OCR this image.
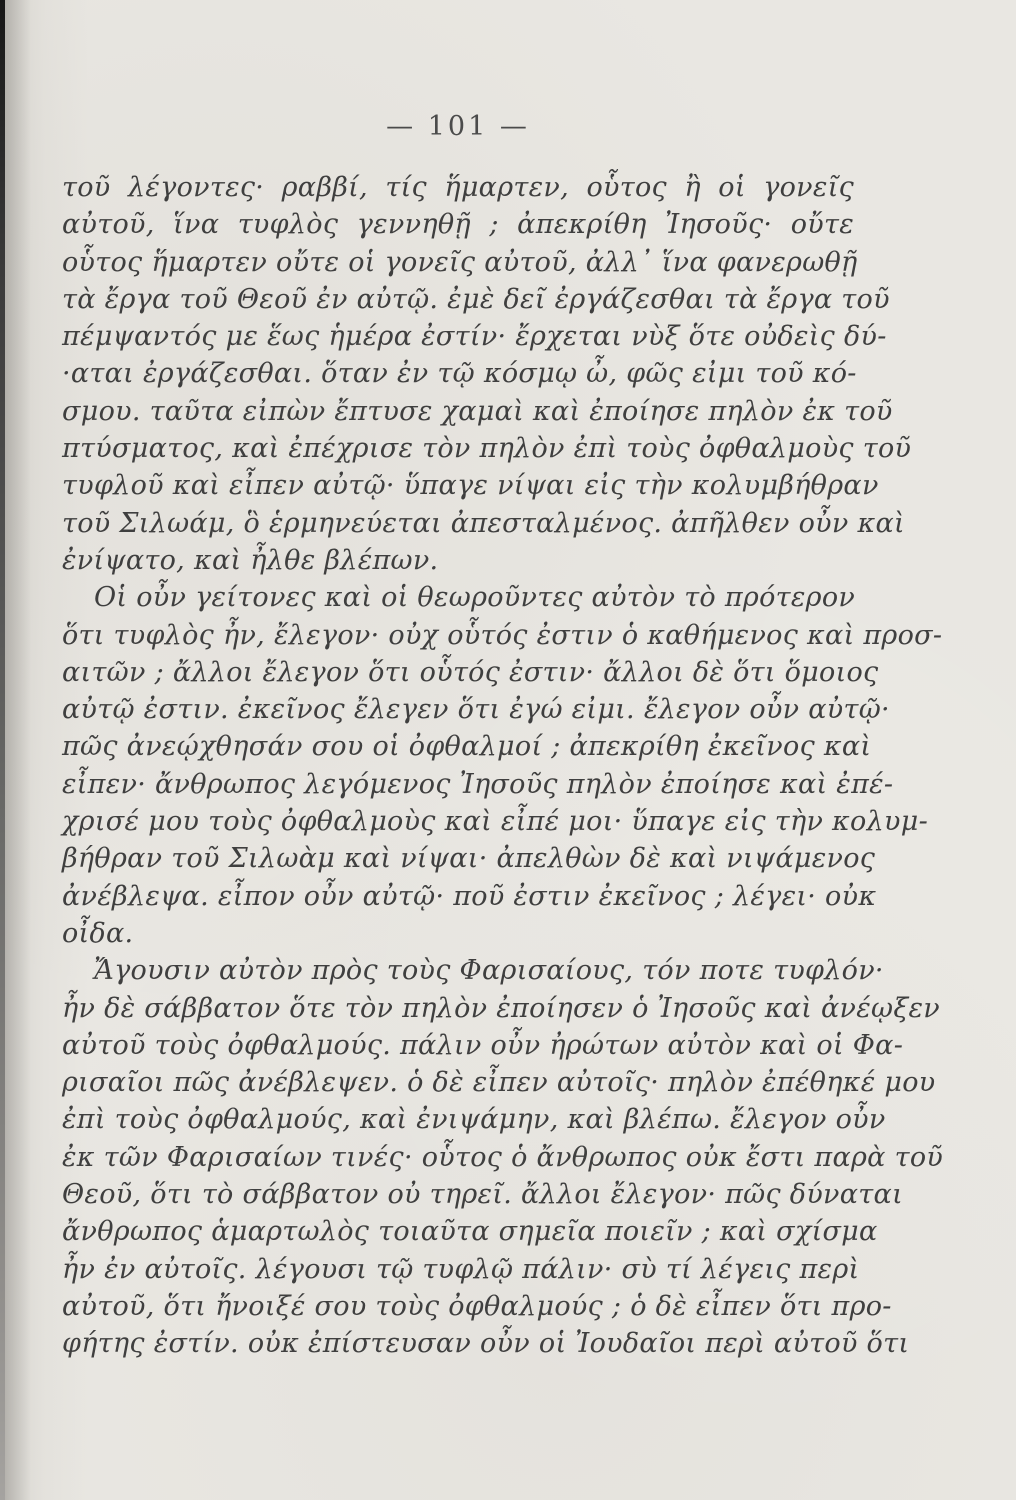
— 101 —
τοῦ λέγοντες· ραββί, τίς ἥμαρτεν, οὗτος ἢ οἱ γονεῖς
αὐτοῦ, ἵνα τυφλὸς γεννηθῇ ; ἀπεκρίθη Ἰησοῦς· οὔτε
οὗτος ἥμαρτεν οὔτε οἱ γονεῖς αὐτοῦ, ἀλλ᾽ ἵνα φανερωθῇ
τὰ ἔργα τοῦ Θεοῦ ἐν αὐτῷ. ἐμὲ δεῖ ἐργάζεσθαι τὰ ἔργα τοῦ
πέμψαντός με ἕως ἡμέρα ἐστίν· ἔρχεται νὺξ ὅτε οὐδεὶς δύ-
·αται ἐργάζεσθαι. ὅταν ἐν τῷ κόσμῳ ὦ, φῶς εἰμι τοῦ κό-
σμου. ταῦτα εἰπὼν ἔπτυσε χαμαὶ καὶ ἐποίησε πηλὸν ἐκ τοῦ
πτύσματος, καὶ ἐπέχρισε τὸν πηλὸν ἐπὶ τοὺς ὀφθαλμοὺς τοῦ
τυφλοῦ καὶ εἶπεν αὐτῷ· ὕπαγε νίψαι εἰς τὴν κολυμβήθραν
τοῦ Σιλωάμ, ὃ ἑρμηνεύεται ἀπεσταλμένος. ἀπῆλθεν οὖν καὶ
ἐνίψατο, καὶ ἦλθε βλέπων.
Οἱ οὖν γείτονες καὶ οἱ θεωροῦντες αὐτὸν τὸ πρότερον
ὅτι τυφλὸς ἦν, ἔλεγον· οὐχ οὗτός ἐστιν ὁ καθήμενος καὶ προσ-
αιτῶν ; ἄλλοι ἔλεγον ὅτι οὗτός ἐστιν· ἄλλοι δὲ ὅτι ὅμοιος
αὐτῷ ἐστιν. ἐκεῖνος ἔλεγεν ὅτι ἐγώ εἰμι. ἔλεγον οὖν αὐτῷ·
πῶς ἀνεῴχθησάν σου οἱ ὀφθαλμοί ; ἀπεκρίθη ἐκεῖνος καὶ
εἶπεν· ἄνθρωπος λεγόμενος Ἰησοῦς πηλὸν ἐποίησε καὶ ἐπέ-
χρισέ μου τοὺς ὀφθαλμοὺς καὶ εἶπέ μοι· ὕπαγε εἰς τὴν κολυμ-
βήθραν τοῦ Σιλωὰμ καὶ νίψαι· ἀπελθὼν δὲ καὶ νιψάμενος
ἀνέβλεψα. εἶπον οὖν αὐτῷ· ποῦ ἐστιν ἐκεῖνος ; λέγει· οὐκ
οἶδα.
Ἄγουσιν αὐτὸν πρὸς τοὺς Φαρισαίους, τόν ποτε τυφλόν·
ἦν δὲ σάββατον ὅτε τὸν πηλὸν ἐποίησεν ὁ Ἰησοῦς καὶ ἀνέῳξεν
αὐτοῦ τοὺς ὀφθαλμούς. πάλιν οὖν ἠρώτων αὐτὸν καὶ οἱ Φα-
ρισαῖοι πῶς ἀνέβλεψεν. ὁ δὲ εἶπεν αὐτοῖς· πηλὸν ἐπέθηκέ μου
ἐπὶ τοὺς ὀφθαλμούς, καὶ ἐνιψάμην, καὶ βλέπω. ἔλεγον οὖν
ἐκ τῶν Φαρισαίων τινές· οὗτος ὁ ἄνθρωπος οὐκ ἔστι παρὰ τοῦ
Θεοῦ, ὅτι τὸ σάββατον οὐ τηρεῖ. ἄλλοι ἔλεγον· πῶς δύναται
ἄνθρωπος ἁμαρτωλὸς τοιαῦτα σημεῖα ποιεῖν ; καὶ σχίσμα
ἦν ἐν αὐτοῖς. λέγουσι τῷ τυφλῷ πάλιν· σὺ τί λέγεις περὶ
αὐτοῦ, ὅτι ἤνοιξέ σου τοὺς ὀφθαλμούς ; ὁ δὲ εἶπεν ὅτι προ-
φήτης ἐστίν. οὐκ ἐπίστευσαν οὖν οἱ Ἰουδαῖοι περὶ αὐτοῦ ὅτι
